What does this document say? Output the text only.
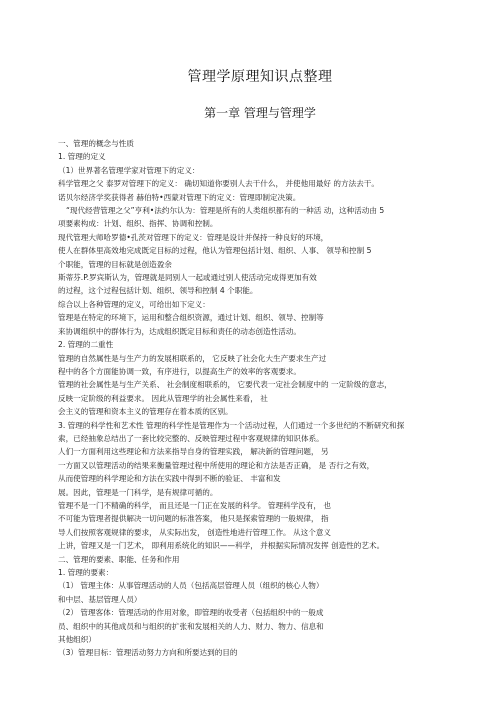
管理学原理知识点整理
第一章 管理与管理学
一、管理的概念与性质
1. 管理的定义
（1）世界著名管理学家对管理下的定义：
科学管理之父 泰罗对管理下的定义： 确切知道你要别人去干什么， 并使他用最好 的方法去干。
诺贝尔经济学奖获得者 赫伯特•西蒙对管理下的定义：管理即制定决策。
“现代经营管理之父”亨利•法约尔认为：管理是所有的人类组织都有的一种活 动，这种活动由 5
项要素构成：计划、组织、指挥、协调和控制。
现代管理大师哈罗德•孔茨对管理下的定义：管理是设计并保持一种良好的环境，
使人在群体里高效地完成既定目标的过程，他认为管理包括计划、组织、人事、 领导和控制 5
个职能，管理的目标就是创造盈余
斯蒂芬.P.罗宾斯认为，管理就是同别人一起或通过别人使活动完成得更加有效
的过程，这个过程包括计划、组织、领导和控制 4 个职能。
综合以上各种管理的定义，可给出如下定义：
管理是在特定的环境下，运用和整合组织资源，通过计划、组织、领导、控制等
来协调组织中的群体行为，达成组织既定目标和责任的动态创造性活动。
2. 管理的二重性
管理的自然属性是与生产力的发展相联系的， 它反映了社会化大生产要求生产过
程中的各个方面能协调一致，有序进行，以提高生产的效率的客观要求。
管理的社会属性是与生产关系、 社会制度相联系的， 它要代表一定社会制度中的 一定阶级的意志，
反映一定阶级的利益要求。 因此从管理学的社会属性来看， 社
会主义的管理和资本主义的管理存在着本质的区别。
3. 管理的科学性和艺术性 管理的科学性是管理作为一个活动过程，人们通过一个多世纪的不断研究和探
索，已经抽象总结出了一套比较完整的、反映管理过程中客观规律的知识体系。
人们一方面利用这些理论和方法来指导自身的管理实践， 解决新的管理问题， 另
一方面又以管理活动的结果来衡量管理过程中所使用的理论和方法是否正确， 是 否行之有效，
从而使管理的科学理论和方法在实践中得到不断的验证、 丰富和发
展。因此，管理是一门科学，是有规律可循的。
管理不是一门不精确的科学， 而且还是一门正在发展的科学。 管理科学没有， 也
不可能为管理者提供解决一切问题的标准答案， 他只是探索管理的一般规律， 指
导人们按照客观规律的要求， 从实际出发， 创造性地进行管理工作。 从这个意义
上讲，管理又是一门艺术， 即利用系统化的知识——科学， 并根据实际情况发挥 创造性的艺术。
二、管理的要素、职能、任务和作用
1. 管理的要素：
（1） 管理主体：从事管理活动的人员（包括高层管理人员（组织的核心人物）
和中层、基层管理人员）
（2） 管理客体：管理活动的作用对象，即管理的收受者（包括组织中的一般成
员、组织中的其他成员和与组织的扩张和发展相关的人力、财力、物力、信息和
其他组织）
（3）管理目标：管理活动努力方向和所要达到的目的
